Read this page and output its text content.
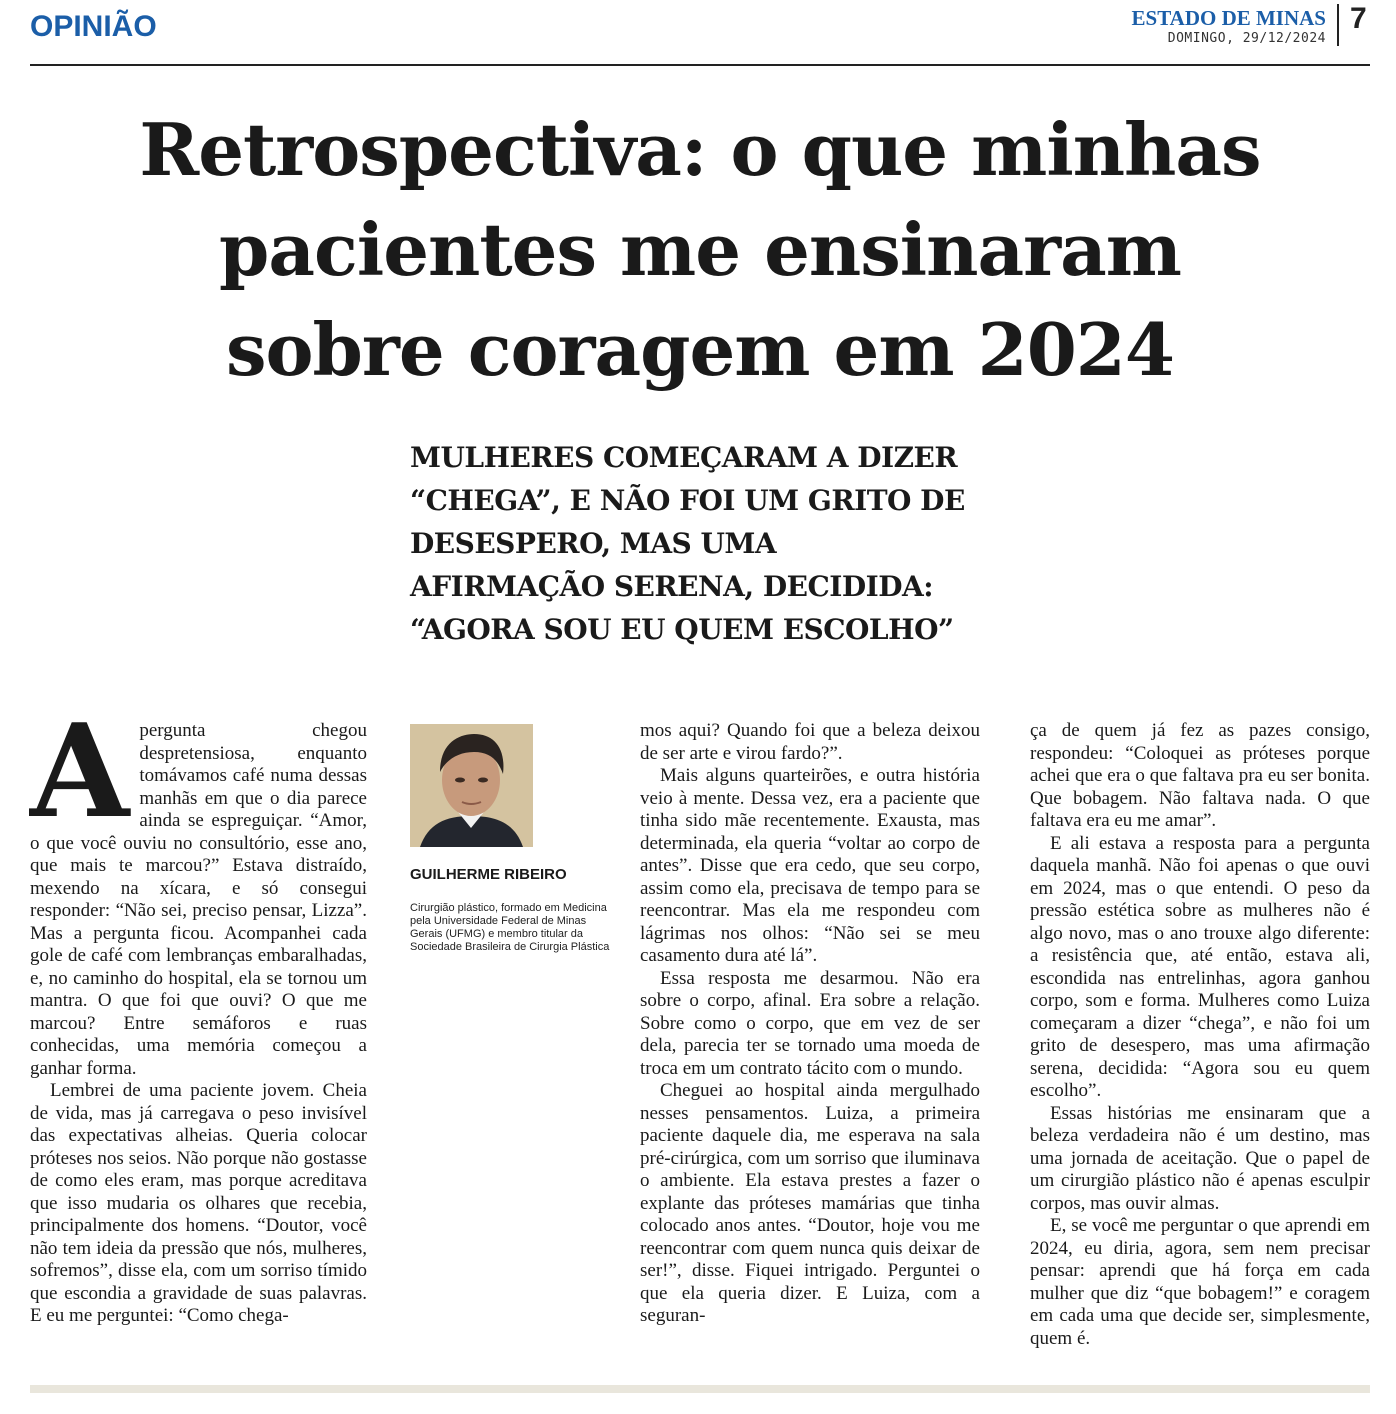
OPINIÃO	ESTADO DE MINAS
DOMINGO, 29/12/2024
7
Retrospectiva: o que minhas
pacientes me ensinaram
sobre coragem em 2024
MULHERES COMEÇARAM A DIZER “CHEGA”, E NÃO FOI UM GRITO DE DESESPERO, MAS UMA AFIRMAÇÃO SERENA, DECIDIDA: “AGORA SOU EU QUEM ESCOLHO”
A pergunta chegou despretensiosa, enquanto tomávamos café numa dessas manhãs em que o dia parece ainda se espreguiçar. “Amor, o que você ouviu no consultório, esse ano, que mais te marcou?” Estava distraído, mexendo na xícara, e só consegui responder: “Não sei, preciso pensar, Lizza”. Mas a pergunta ficou. Acompanhei cada gole de café com lembranças embaralhadas, e, no caminho do hospital, ela se tornou um mantra. O que foi que ouvi? O que me marcou? Entre semáforos e ruas conhecidas, uma memória começou a ganhar forma.

Lembrei de uma paciente jovem. Cheia de vida, mas já carregava o peso invisível das expectativas alheias. Queria colocar próteses nos seios. Não porque não gostasse de como eles eram, mas porque acreditava que isso mudaria os olhares que recebia, principalmente dos homens. “Doutor, você não tem ideia da pressão que nós, mulheres, sofremos”, disse ela, com um sorriso tímido que escondia a gravidade de suas palavras. E eu me perguntei: “Como chega-

GUILHERME RIBEIRO
Cirurgião plástico, formado em Medicina pela Universidade Federal de Minas Gerais (UFMG) e membro titular da Sociedade Brasileira de Cirurgia Plástica

mos aqui? Quando foi que a beleza deixou de ser arte e virou fardo?”.

Mais alguns quarteirões, e outra história veio à mente. Dessa vez, era a paciente que tinha sido mãe recentemente. Exausta, mas determinada, ela queria “voltar ao corpo de antes”. Disse que era cedo, que seu corpo, assim como ela, precisava de tempo para se reencontrar. Mas ela me respondeu com lágrimas nos olhos: “Não sei se meu casamento dura até lá”.

Essa resposta me desarmou. Não era sobre o corpo, afinal. Era sobre a relação. Sobre como o corpo, que em vez de ser dela, parecia ter se tornado uma moeda de troca em um contrato tácito com o mundo.

Cheguei ao hospital ainda mergulhado nesses pensamentos. Luiza, a primeira paciente daquele dia, me esperava na sala pré-cirúrgica, com um sorriso que iluminava o ambiente. Ela estava prestes a fazer o explante das próteses mamárias que tinha colocado anos antes. “Doutor, hoje vou me reencontrar com quem nunca quis deixar de ser!”, disse. Fiquei intrigado. Perguntei o que ela queria dizer. E Luiza, com a seguran-

ça de quem já fez as pazes consigo, respondeu: “Coloquei as próteses porque achei que era o que faltava pra eu ser bonita. Que bobagem. Não faltava nada. O que faltava era eu me amar”.

E ali estava a resposta para a pergunta daquela manhã. Não foi apenas o que ouvi em 2024, mas o que entendi. O peso da pressão estética sobre as mulheres não é algo novo, mas o ano trouxe algo diferente: a resistência que, até então, estava ali, escondida nas entrelinhas, agora ganhou corpo, som e forma. Mulheres como Luiza começaram a dizer “chega”, e não foi um grito de desespero, mas uma afirmação serena, decidida: “Agora sou eu quem escolho”.

Essas histórias me ensinaram que a beleza verdadeira não é um destino, mas uma jornada de aceitação. Que o papel de um cirurgião plástico não é apenas esculpir corpos, mas ouvir almas.

E, se você me perguntar o que aprendi em 2024, eu diria, agora, sem nem precisar pensar: aprendi que há força em cada mulher que diz “que bobagem!” e coragem em cada uma que decide ser, simplesmente, quem é.
